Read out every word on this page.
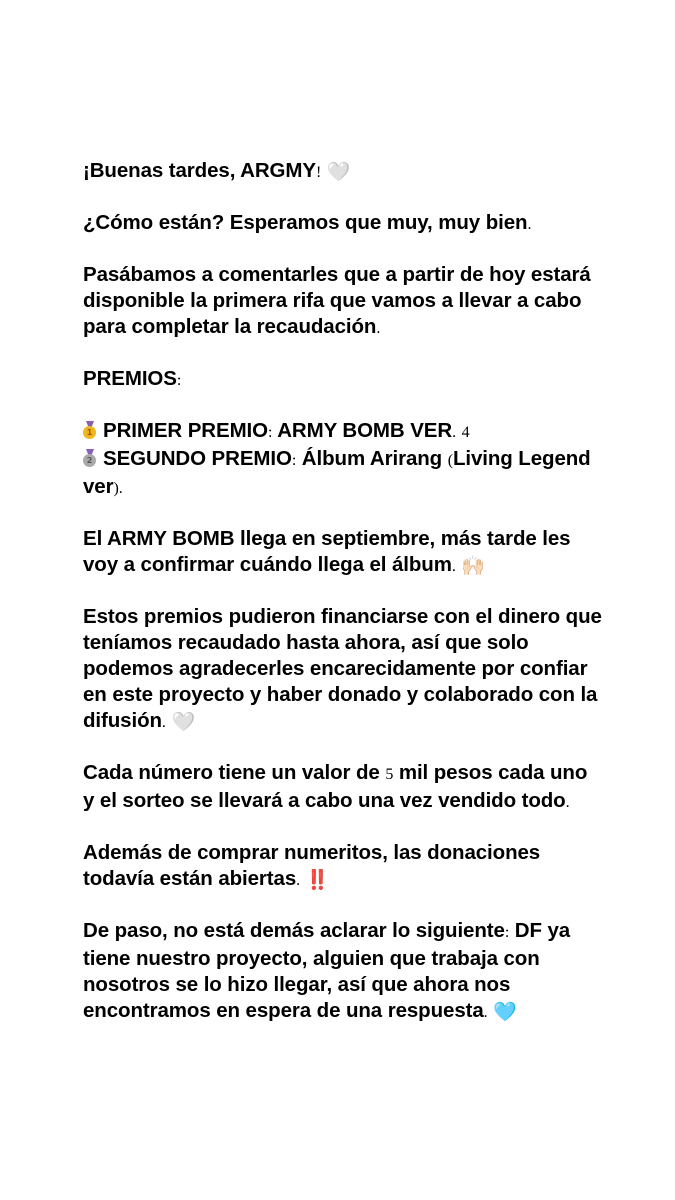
¡Buenas tardes, ARGMY! 🤍

¿Cómo están? Esperamos que muy, muy bien.

Pasábamos a comentarles que a partir de hoy estará disponible la primera rifa que vamos a llevar a cabo para completar la recaudación.

PREMIOS:

1 PRIMER PREMIO: ARMY BOMB VER. 4

2 SEGUNDO PREMIO: Álbum Arirang (Living Legend ver).

El ARMY BOMB llega en septiembre, más tarde les voy a confirmar cuándo llega el álbum. 🙌🏻

Estos premios pudieron financiarse con el dinero que teníamos recaudado hasta ahora, así que solo podemos agradecerles encarecidamente por confiar en este proyecto y haber donado y colaborado con la difusión. 🤍

Cada número tiene un valor de 5 mil pesos cada uno y el sorteo se llevará a cabo una vez vendido todo.

Además de comprar numeritos, las donaciones todavía están abiertas. ‼️

De paso, no está demás aclarar lo siguiente: DF ya tiene nuestro proyecto, alguien que trabaja con nosotros se lo hizo llegar, así que ahora nos encontramos en espera de una respuesta. 🩵
